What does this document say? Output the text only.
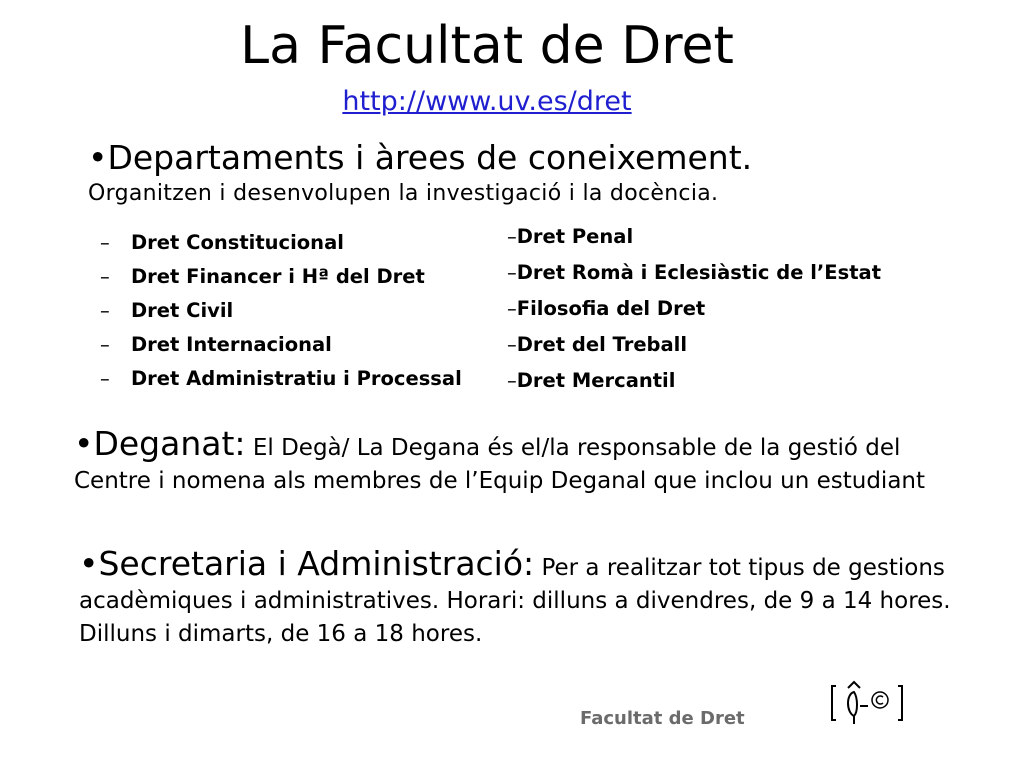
La Facultat de Dret
http://www.uv.es/dret
•Departaments i àrees de coneixement.
Organitzen i desenvolupen la investigació i la docència.
– Dret Constitucional
– Dret Financer i Hª del Dret
– Dret Civil
– Dret Internacional
– Dret Administratiu i Processal
–Dret Penal
–Dret Romà i Eclesiàstic de l’Estat
–Filosofia del Dret
–Dret del Treball
–Dret Mercantil
•Deganat: El Degà/ La Degana és el/la responsable de la gestió del Centre i nomena als membres de l’Equip Deganal que inclou un estudiant
•Secretaria i Administració: Per a realitzar tot tipus de gestions acadèmiques i administratives. Horari: dilluns a divendres, de 9 a 14 hores. Dilluns i dimarts, de 16 a 18 hores.
Facultat de Dret
